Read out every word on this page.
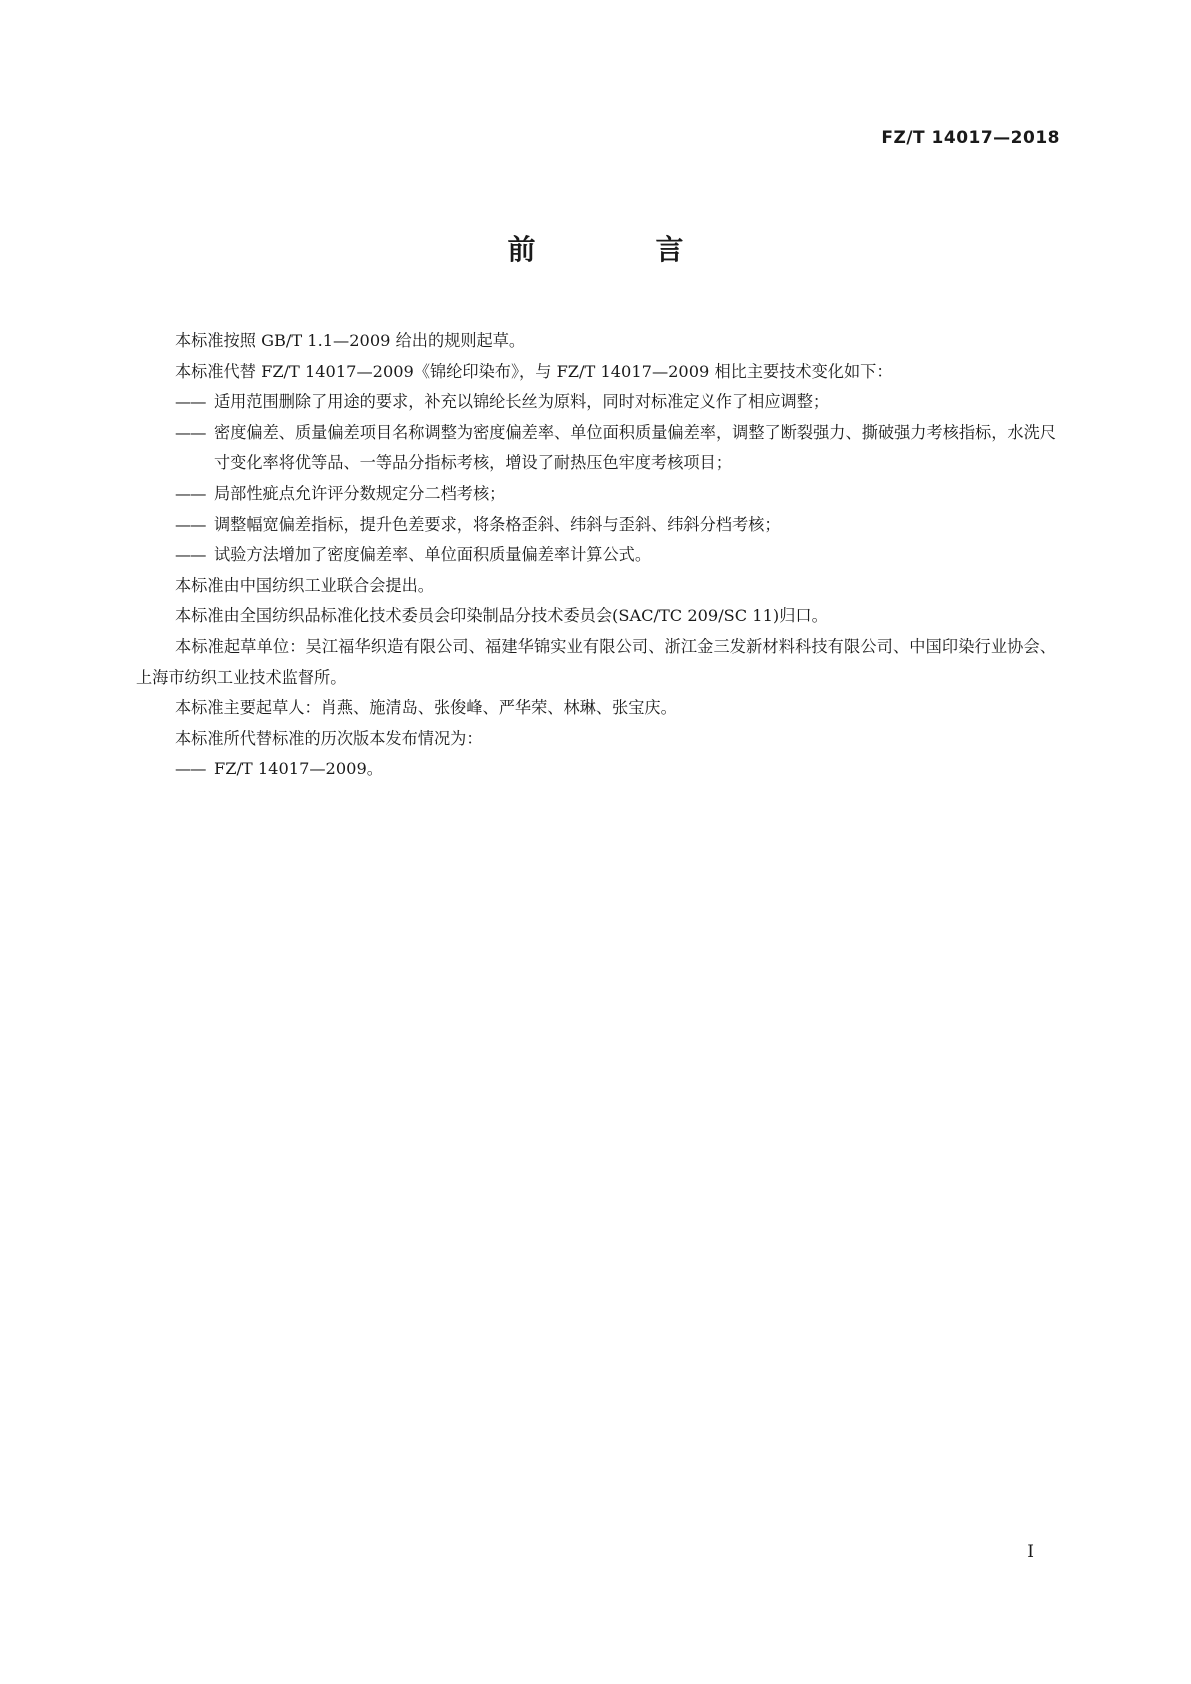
FZ/T 14017—2018
前　言

本标准按照 GB/T 1.1—2009 给出的规则起草。

本标准代替 FZ/T 14017—2009《锦纶印染布》，与 FZ/T 14017—2009 相比主要技术变化如下：

—— 适用范围删除了用途的要求，补充以锦纶长丝为原料，同时对标准定义作了相应调整；

—— 密度偏差、质量偏差项目名称调整为密度偏差率、单位面积质量偏差率，调整了断裂强力、撕破强力考核指标，水洗尺寸变化率将优等品、一等品分指标考核，增设了耐热压色牢度考核项目；

—— 局部性疵点允许评分数规定分二档考核；

—— 调整幅宽偏差指标，提升色差要求，将条格歪斜、纬斜与歪斜、纬斜分档考核；

—— 试验方法增加了密度偏差率、单位面积质量偏差率计算公式。

本标准由中国纺织工业联合会提出。

本标准由全国纺织品标准化技术委员会印染制品分技术委员会(SAC/TC 209/SC 11)归口。

本标准起草单位：吴江福华织造有限公司、福建华锦实业有限公司、浙江金三发新材料科技有限公司、中国印染行业协会、上海市纺织工业技术监督所。

本标准主要起草人：肖燕、施清岛、张俊峰、严华荣、林琳、张宝庆。

本标准所代替标准的历次版本发布情况为：

—— FZ/T 14017—2009。

I
